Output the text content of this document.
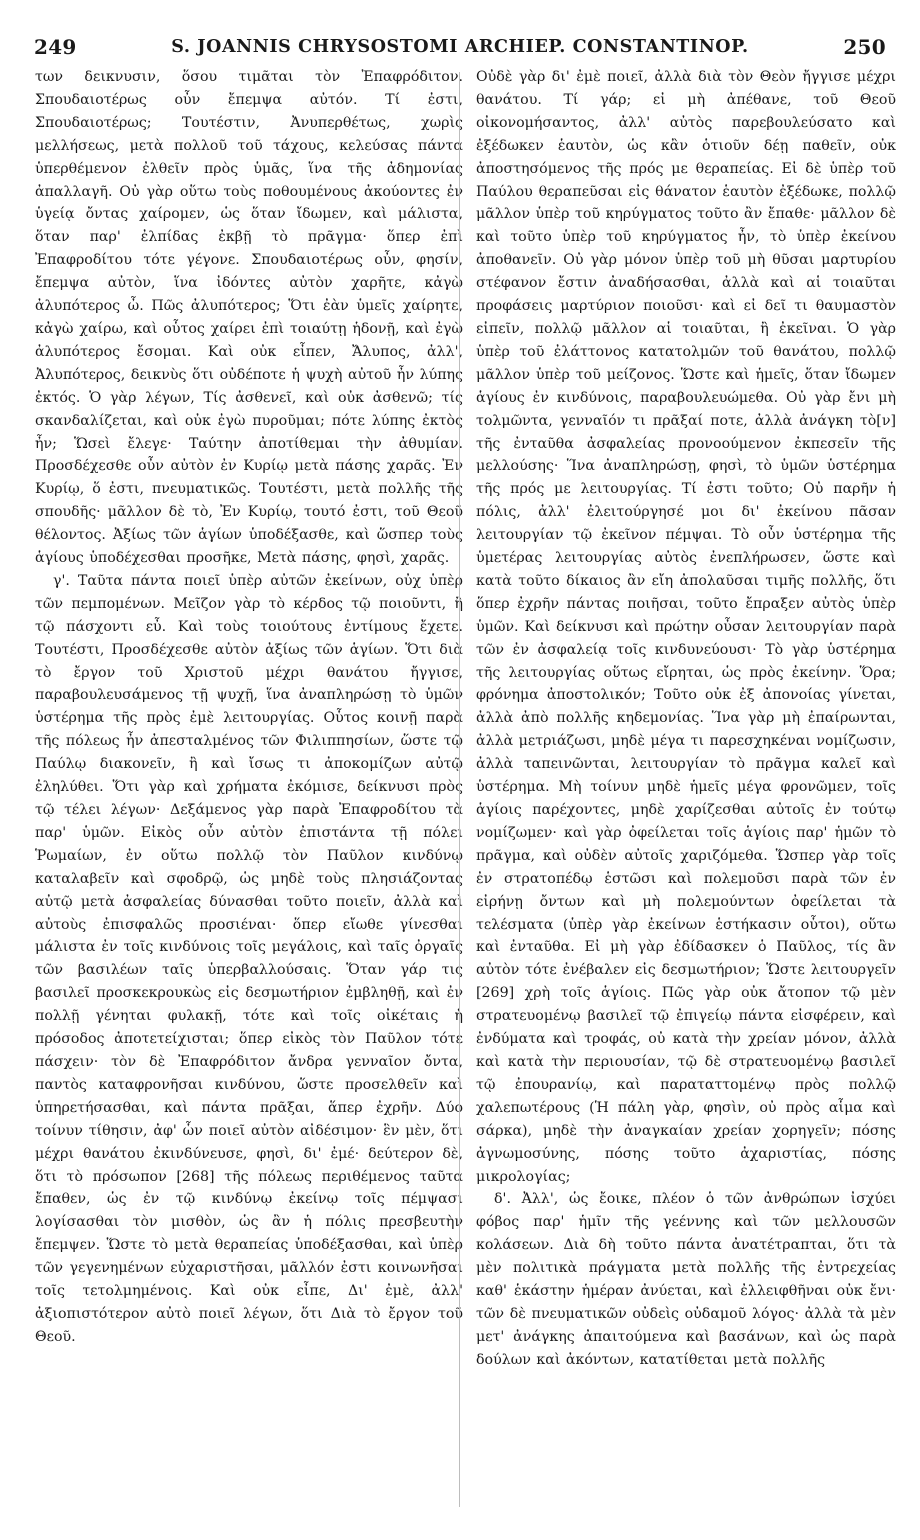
249	S. JOANNIS CHRYSOSTOMI ARCHIEP. CONSTANTINOP.	250

των δεικνυσιν, ὅσου τιμᾶται τὸν Ἐπαφρόδιτον. Σπουδαιοτέρως οὖν ἔπεμψα αὐτόν. Τί ἐστι, Σπουδαιοτέρως; Τουτέστιν, Ἀνυπερθέτως, χωρὶς μελλήσεως, μετὰ πολλοῦ τοῦ τάχους, κελεύσας πάντα ὑπερθέμενον ἐλθεῖν πρὸς ὑμᾶς, ἵνα τῆς ἀδημονίας ἀπαλλαγῆ. Οὐ γὰρ οὕτω τοὺς ποθουμένους ἀκούοντες ἐν ὑγείᾳ ὄντας χαίρομεν, ὡς ὅταν ἴδωμεν, καὶ μάλιστα, ὅταν παρ' ἐλπίδας ἐκβῇ τὸ πρᾶγμα· ὅπερ ἐπὶ Ἐπαφροδίτου τότε γέγονε. Σπουδαιοτέρως οὖν, φησίν, ἔπεμψα αὐτὸν, ἵνα ἰδόντες αὐτὸν χαρῆτε, κἀγὼ ἀλυπότερος ὦ. Πῶς ἀλυπότερος; Ὅτι ἐὰν ὑμεῖς χαίρητε, κἀγὼ χαίρω, καὶ οὗτος χαίρει ἐπὶ τοιαύτῃ ἡδονῇ, καὶ ἐγὼ ἀλυπότερος ἔσομαι. Καὶ οὐκ εἶπεν, Ἄλυπος, ἀλλ', Ἀλυπότερος, δεικνὺς ὅτι οὐδέποτε ἡ ψυχὴ αὐτοῦ ἦν λύπης ἐκτός. Ὁ γὰρ λέγων, Τίς ἀσθενεῖ, καὶ οὐκ ἀσθενῶ; τίς σκανδαλίζεται, καὶ οὐκ ἐγὼ πυροῦμαι; πότε λύπης ἐκτὸς ἦν; Ὥσεὶ ἔλεγε· Ταύτην ἀποτίθεμαι τὴν ἀθυμίαν. Προσδέχεσθε οὖν αὐτὸν ἐν Κυρίῳ μετὰ πάσης χαρᾶς. Ἐν Κυρίῳ, ὅ ἐστι, πνευματικῶς. Τουτέστι, μετὰ πολλῆς τῆς σπουδῆς· μᾶλλον δὲ τὸ, Ἐν Κυρίῳ, τουτό ἐστι, τοῦ Θεοῦ θέλοντος. Ἀξίως τῶν ἁγίων ὑποδέξασθε, καὶ ὥσπερ τοὺς ἁγίους ὑποδέχεσθαι προσῆκε, Μετὰ πάσης, φησὶ, χαρᾶς.

γ'. Ταῦτα πάντα ποιεῖ ὑπὲρ αὐτῶν ἐκείνων, οὐχ ὑπὲρ τῶν πεμπομένων. Μεῖζον γὰρ τὸ κέρδος τῷ ποιοῦντι, ἢ τῷ πάσχοντι εὖ. Καὶ τοὺς τοιούτους ἐντίμους ἔχετε. Τουτέστι, Προσδέχεσθε αὐτὸν ἀξίως τῶν ἁγίων. Ὅτι διὰ τὸ ἔργον τοῦ Χριστοῦ μέχρι θανάτου ἤγγισε, παραβουλευσάμενος τῇ ψυχῇ, ἵνα ἀναπληρώσῃ τὸ ὑμῶν ὑστέρημα τῆς πρὸς ἐμὲ λειτουργίας. Οὗτος κοινῇ παρὰ τῆς πόλεως ἦν ἀπεσταλμένος τῶν Φιλιππησίων, ὥστε τῷ Παύλῳ διακονεῖν, ἢ καὶ ἴσως τι ἀποκομίζων αὐτῷ ἐληλύθει. Ὅτι γὰρ καὶ χρήματα ἐκόμισε, δείκνυσι πρὸς τῷ τέλει λέγων· Δεξάμενος γὰρ παρὰ Ἐπαφροδίτου τὰ παρ' ὑμῶν. Εἰκὸς οὖν αὐτὸν ἐπιστάντα τῇ πόλει Ῥωμαίων, ἐν οὕτω πολλῷ τὸν Παῦλον κινδύνῳ καταλαβεῖν καὶ σφοδρῷ, ὡς μηδὲ τοὺς πλησιάζοντας αὐτῷ μετὰ ἀσφαλείας δύνασθαι τοῦτο ποιεῖν, ἀλλὰ καὶ αὐτοὺς ἐπισφαλῶς προσιέναι· ὅπερ εἴωθε γίνεσθαι μάλιστα ἐν τοῖς κινδύνοις τοῖς μεγάλοις, καὶ ταῖς ὀργαῖς τῶν βασιλέων ταῖς ὑπερβαλλούσαις. Ὅταν γάρ τις βασιλεῖ προσκεκρουκὼς εἰς δεσμωτήριον ἐμβληθῇ, καὶ ἐν πολλῇ γένηται φυλακῇ, τότε καὶ τοῖς οἰκέταις ἡ πρόσοδος ἀποτετείχισται; ὅπερ εἰκὸς τὸν Παῦλον τότε πάσχειν· τὸν δὲ Ἐπαφρόδιτον ἄνδρα γενναῖον ὄντα, παντὸς καταφρονῆσαι κινδύνου, ὥστε προσελθεῖν καὶ ὑπηρετήσασθαι, καὶ πάντα πρᾶξαι, ἅπερ ἐχρῆν. Δύο τοίνυν τίθησιν, ἀφ' ὧν ποιεῖ αὐτὸν αἰδέσιμον· ἓν μὲν, ὅτι μέχρι θανάτου ἐκινδύνευσε, φησὶ, δι' ἐμέ· δεύτερον δὲ, ὅτι τὸ πρόσωπον [268] τῆς πόλεως περιθέμενος ταῦτα ἔπαθεν, ὡς ἐν τῷ κινδύνῳ ἐκείνῳ τοῖς πέμψασι λογίσασθαι τὸν μισθὸν, ὡς ἂν ἡ πόλις πρεσβευτὴν ἔπεμψεν. Ὥστε τὸ μετὰ θεραπείας ὑποδέξασθαι, καὶ ὑπὲρ τῶν γεγενημένων εὐχαριστῆσαι, μᾶλλόν ἐστι κοινωνῆσαι τοῖς τετολμημένοις. Καὶ οὐκ εἶπε, Δι' ἐμὲ, ἀλλ' ἀξιοπιστότερον αὐτὸ ποιεῖ λέγων, ὅτι Διὰ τὸ ἔργον τοῦ Θεοῦ.

Οὐδὲ γὰρ δι' ἐμὲ ποιεῖ, ἀλλὰ διὰ τὸν Θεὸν ἤγγισε μέχρι θανάτου. Τί γάρ; εἰ μὴ ἀπέθανε, τοῦ Θεοῦ οἰκονομήσαντος, ἀλλ' αὐτὸς παρεβουλεύσατο καὶ ἐξέδωκεν ἑαυτὸν, ὡς κἂν ὁτιοῦν δέῃ παθεῖν, οὐκ ἀποστησόμενος τῆς πρός με θεραπείας. Εἰ δὲ ὑπὲρ τοῦ Παύλου θεραπεῦσαι εἰς θάνατον ἑαυτὸν ἐξέδωκε, πολλῷ μᾶλλον ὑπὲρ τοῦ κηρύγματος τοῦτο ἂν ἔπαθε· μᾶλλον δὲ καὶ τοῦτο ὑπὲρ τοῦ κηρύγματος ἦν, τὸ ὑπὲρ ἐκείνου ἀποθανεῖν. Οὐ γὰρ μόνον ὑπὲρ τοῦ μὴ θῦσαι μαρτυρίου στέφανον ἔστιν ἀναδήσασθαι, ἀλλὰ καὶ αἱ τοιαῦται προφάσεις μαρτύριον ποιοῦσι· καὶ εἰ δεῖ τι θαυμαστὸν εἰπεῖν, πολλῷ μᾶλλον αἱ τοιαῦται, ἢ ἐκεῖναι. Ὁ γὰρ ὑπὲρ τοῦ ἐλάττονος κατατολμῶν τοῦ θανάτου, πολλῷ μᾶλλον ὑπὲρ τοῦ μείζονος. Ὥστε καὶ ἡμεῖς, ὅταν ἴδωμεν ἁγίους ἐν κινδύνοις, παραβουλευώμεθα. Οὐ γὰρ ἔνι μὴ τολμῶντα, γενναῖόν τι πρᾶξαί ποτε, ἀλλὰ ἀνάγκη τὸ[ν] τῆς ἐνταῦθα ἀσφαλείας προνοούμενον ἐκπεσεῖν τῆς μελλούσης· Ἵνα ἀναπληρώσῃ, φησὶ, τὸ ὑμῶν ὑστέρημα τῆς πρός με λειτουργίας. Τί ἐστι τοῦτο; Οὐ παρῆν ἡ πόλις, ἀλλ' ἐλειτούργησέ μοι δι' ἐκείνου πᾶσαν λειτουργίαν τῷ ἐκεῖνον πέμψαι. Τὸ οὖν ὑστέρημα τῆς ὑμετέρας λειτουργίας αὐτὸς ἐνεπλήρωσεν, ὥστε καὶ κατὰ τοῦτο δίκαιος ἂν εἴη ἀπολαῦσαι τιμῆς πολλῆς, ὅτι ὅπερ ἐχρῆν πάντας ποιῆσαι, τοῦτο ἔπραξεν αὐτὸς ὑπὲρ ὑμῶν. Καὶ δείκνυσι καὶ πρώτην οὖσαν λειτουργίαν παρὰ τῶν ἐν ἀσφαλείᾳ τοῖς κινδυνεύουσι· Τὸ γὰρ ὑστέρημα τῆς λειτουργίας οὕτως εἴρηται, ὡς πρὸς ἐκείνην. Ὅρα; φρόνημα ἀποστολικόν; Τοῦτο οὐκ ἐξ ἀπονοίας γίνεται, ἀλλὰ ἀπὸ πολλῆς κηδεμονίας. Ἵνα γὰρ μὴ ἐπαίρωνται, ἀλλὰ μετριάζωσι, μηδὲ μέγα τι παρεσχηκέναι νομίζωσιν, ἀλλὰ ταπεινῶνται, λειτουργίαν τὸ πρᾶγμα καλεῖ καὶ ὑστέρημα. Μὴ τοίνυν μηδὲ ἡμεῖς μέγα φρονῶμεν, τοῖς ἁγίοις παρέχοντες, μηδὲ χαρίζεσθαι αὐτοῖς ἐν τούτῳ νομίζωμεν· καὶ γὰρ ὀφείλεται τοῖς ἁγίοις παρ' ἡμῶν τὸ πρᾶγμα, καὶ οὐδὲν αὐτοῖς χαριζόμεθα. Ὥσπερ γὰρ τοῖς ἐν στρατοπέδῳ ἑστῶσι καὶ πολεμοῦσι παρὰ τῶν ἐν εἰρήνῃ ὄντων καὶ μὴ πολεμούντων ὀφείλεται τὰ τελέσματα (ὑπὲρ γὰρ ἐκείνων ἑστήκασιν οὗτοι), οὕτω καὶ ἐνταῦθα. Εἰ μὴ γὰρ ἐδίδασκεν ὁ Παῦλος, τίς ἂν αὐτὸν τότε ἐνέβαλεν εἰς δεσμωτήριον; Ὥστε λειτουργεῖν [269] χρὴ τοῖς ἁγίοις. Πῶς γὰρ οὐκ ἄτοπον τῷ μὲν στρατευομένῳ βασιλεῖ τῷ ἐπιγείῳ πάντα εἰσφέρειν, καὶ ἐνδύματα καὶ τροφάς, οὐ κατὰ τὴν χρείαν μόνον, ἀλλὰ καὶ κατὰ τὴν περιουσίαν, τῷ δὲ στρατευομένῳ βασιλεῖ τῷ ἐπουρανίῳ, καὶ παραταττομένῳ πρὸς πολλῷ χαλεπωτέρους (Ἡ πάλη γὰρ, φησὶν, οὐ πρὸς αἷμα καὶ σάρκα), μηδὲ τὴν ἀναγκαίαν χρείαν χορηγεῖν; πόσης ἀγνωμοσύνης, πόσης τοῦτο ἀχαριστίας, πόσης μικρολογίας;

δ'. Ἀλλ', ὡς ἔοικε, πλέον ὁ τῶν ἀνθρώπων ἰσχύει φόβος παρ' ἡμῖν τῆς γεέννης καὶ τῶν μελλουσῶν κολάσεων. Διὰ δὴ τοῦτο πάντα ἀνατέτραπται, ὅτι τὰ μὲν πολιτικὰ πράγματα μετὰ πολλῆς τῆς ἐντρεχείας καθ' ἑκάστην ἡμέραν ἀνύεται, καὶ ἐλλειφθῆναι οὐκ ἔνι· τῶν δὲ πνευματικῶν οὐδεὶς οὐδαμοῦ λόγος· ἀλλὰ τὰ μὲν μετ' ἀνάγκης ἀπαιτούμενα καὶ βασάνων, καὶ ὡς παρὰ δούλων καὶ ἀκόντων, κατατίθεται μετὰ πολλῆς
